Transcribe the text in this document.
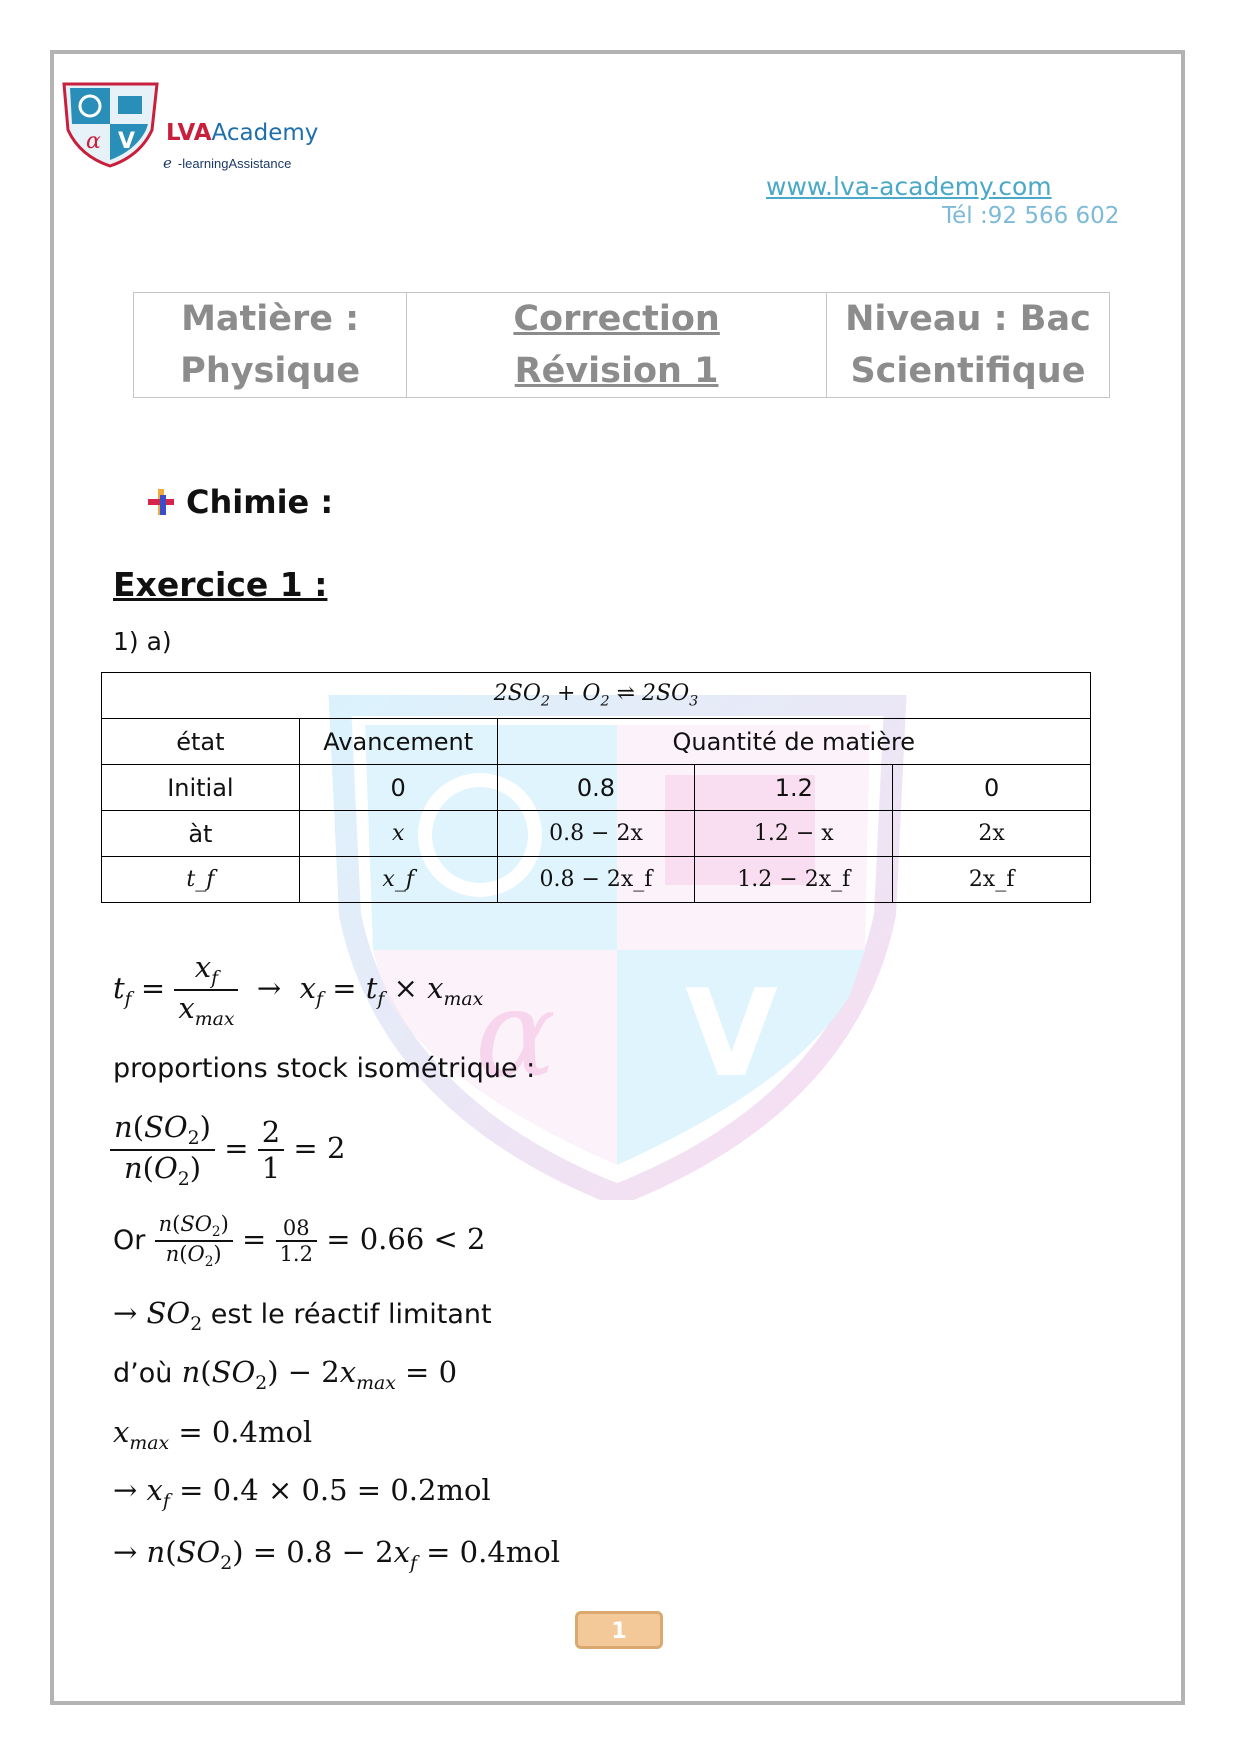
α V LVAAcademy
e -learningAssistance
www.lva-academy.com
Tél :92 566 602
Matière :
Physique

Correction
Révision 1

Niveau : Bac
Scientifique
α V
Chimie :
Exercice 1 :
1) a)
$2SO_2 + O_2$ ⇌ $2SO_3$
état	Avancement	Quantité de matière		
Initial	0	0.8	1.2	0
àt	x	0.8 − 2x	1.2 − x	2x
t_f	x_f	0.8 − 2x_f	1.2 − 2x_f	2x_f
$t_f = \frac{x_f}{x_{max}} \to x_f = t_f \times x_{max}$
proportions stock isométrique :
$\frac{n(SO_2)}{n(O_2)} = \frac{2}{1} = 2$
Or $\frac{n(SO_2)}{n(O_2)} = \frac{08}{1.2} = 0.66 < 2$
→ $SO_2$ est le réactif limitant
d’où $n(SO_2) - 2x_{max} = 0$
$x_{max} = 0.4mol$
→ $x_f = 0.4 \times 0.5 = 0.2mol$
→ $n(SO_2) = 0.8 - 2x_f = 0.4mol$
1
